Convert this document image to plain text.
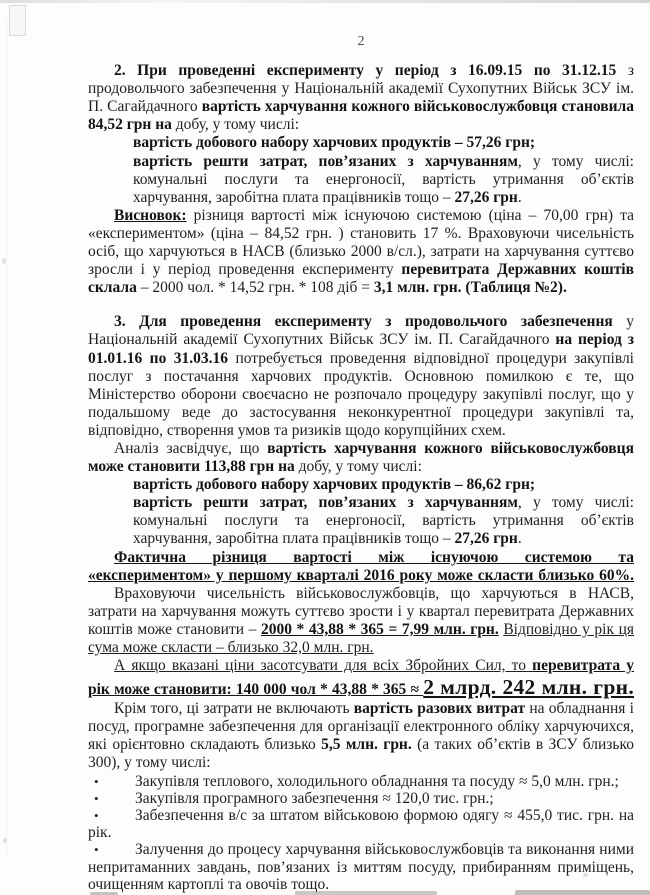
2
2. При проведенні експерименту у період з 16.09.15 по 31.12.15 з продовольчого забезпечення у Національній академії Сухопутних Військ ЗСУ ім. П. Сагайдачного вартість харчування кожного військовослужбовця становила 84,52 грн на добу, у тому числі:
вартість добового набору харчових продуктів – 57,26 грн;
вартість решти затрат, пов’язаних з харчуванням, у тому числі: комунальні послуги та енергоносії, вартість утримання об’єктів харчування, заробітна плата працівників тощо – 27,26 грн.
Висновок: різниця вартості між існуючою системою (ціна – 70,00 грн) та «експериментом» (ціна – 84,52 грн. ) становить 17 %. Враховуючи чисельність осіб, що харчуються в НАСВ (близько 2000 в/сл.), затрати на харчування суттєво зросли і у період проведення експерименту перевитрата Державних коштів склала – 2000 чол. * 14,52 грн. * 108 діб = 3,1 млн. грн. (Таблиця №2).
3. Для проведення експерименту з продовольчого забезпечення у Національній академії Сухопутних Військ ЗСУ ім. П. Сагайдачного на період з 01.01.16 по 31.03.16 потребується проведення відповідної процедури закупівлі послуг з постачання харчових продуктів. Основною помилкою є те, що Міністерство оборони своєчасно не розпочало процедуру закупівлі послуг, що у подальшому веде до застосування неконкурентної процедури закупівлі та, відповідно, створення умов та ризиків щодо корупційних схем.
Аналіз засвідчує, що вартість харчування кожного військовослужбовця може становити 113,88 грн на добу, у тому числі:
вартість добового набору харчових продуктів – 86,62 грн;
вартість решти затрат, пов’язаних з харчуванням, у тому числі: комунальні послуги та енергоносії, вартість утримання об’єктів харчування, заробітна плата працівників тощо – 27,26 грн.
Фактична різниця вартості між існуючою системою та
«експериментом» у першому кварталі 2016 року може скласти близько 60%.
Враховуючи чисельність військовослужбовців, що харчуються в НАСВ, затрати на харчування можуть суттєво зрости і у квартал перевитрата Державних коштів може становити – 2000 * 43,88 * 365 = 7,99 млн. грн. Відповідно у рік ця сума може скласти – близько 32,0 млн. грн.
А якщо вказані ціни засотсувати для всіх Збройних Сил, то перевитрата у
рік може становити: 140 000 чол * 43,88 * 365 ≈ 2 млрд. 242 млн. грн.
Крім того, ці затрати не включають вартість разових витрат на обладнання і посуд, програмне забезпечення для організації електронного обліку харчуючихся, які орієнтовно складають близько 5,5 млн. грн. (а таких об’єктів в ЗСУ близько 300), у тому числі:
• Закупівля теплового, холодильного обладнання та посуду ≈ 5,0 млн. грн.;
• Закупівля програмного забезпечення ≈ 120,0 тис. грн.;
• Забезпечення в/с за штатом військовою формою одягу ≈ 455,0 тис. грн. на рік.
• Залучення до процесу харчування військовослужбовців та виконання ними непритаманних завдань, пов’язаних із миттям посуду, прибиранням приміщень, очищенням картоплі та овочів тощо.
